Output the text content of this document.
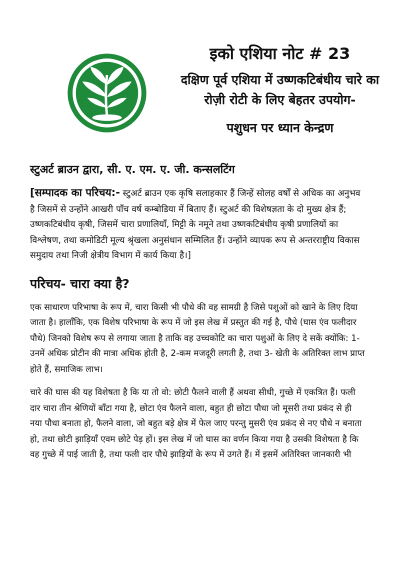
इको एशिया नोट # 23

दक्षिण पूर्व एशिया में उष्णकटिबंधीय चारे का

रोज़ी रोटी के लिए बेहतर उपयोग-

पशुधन पर ध्यान केन्द्रण

स्टुअर्ट ब्राउन द्वारा, सी. ए. एम. ए. जी. कन्सलटिंग

[सम्पादक का परिचय:- स्टुअर्ट ब्राउन एक कृषि सलाहकार हैं जिन्हें सोलह वर्षों से अधिक का अनुभव है जिसमें से उन्होंने आखरी पाँच वर्ष कम्बोडिया में बिताए हैं। स्टुअर्ट की विशेषज्ञता के दो मुख्य क्षेत्र हैं; उष्णकटिबंधीय कृषी, जिसमें चारा प्रणालियाँ, मिट्टी के नमूने तथा उष्णकटिबंधीय कृषी प्रणालियों का विश्लेषण, तथा कमोडिटी मूल्य श्रृंखला अनुसंधान सम्मिलित हैं। उन्होंने व्यापक रूप से अन्तरराष्ट्रीय विकास समुदाय तथा निजी क्षेत्रीय विभाग में कार्य किया है।]

परिचय- चारा क्या है?

एक साधारण परिभाषा के रूप में, चारा किसी भी पौधे की वह सामग्री है जिसे पशुओं को खाने के लिए दिया जाता है। हालाँकि, एक विशेष परिभाषा के रूप में जो इस लेख में प्रस्तुत की गई है, पौधे (घास एंव फलीदार पौधे) जिनको विशेष रूप से लगाया जाता है ताकि वह उच्चकोटि का चारा पशुओं के लिए दे सकें क्योंकि: 1- उनमें अधिक प्रोटीन की मात्रा अधिक होती है, 2-कम मजदूरी लगती है, तथा 3- खेती के अतिरिक्त लाभ प्राप्त होते हैं, समाजिक लाभ।

चारे की घास की यह विशेषता है कि या तो वो: छोटी फैलने वाली हैं अथवा सीधी, गुच्छे में एकत्रित हैं। फली दार चारा तीन श्रेणियों बाँटा गया है, छोटा एंव फैलने वाला, बहुत ही छोटा पौधा जो मूसरी तथा प्रकंद से ही नया पौधा बनाता हो, फैलने वाला, जो बहुत बड़े क्षेत्र में फेल जाए परन्तु मुसरी एंव प्रकंद से नए पौधे न बनाता हो, तथा छोटी झाड़ियाँ एवम छोटे पेड़ हों। इस लेख में जो घास का वर्णन किया गया है उसकी विशेषता है कि वह गुच्छे में पाई जाती है, तथा फली दार पौधे झाड़ियों के रूप में उगते हैं। में इसमें अतिरिक्त जानकारी भी
